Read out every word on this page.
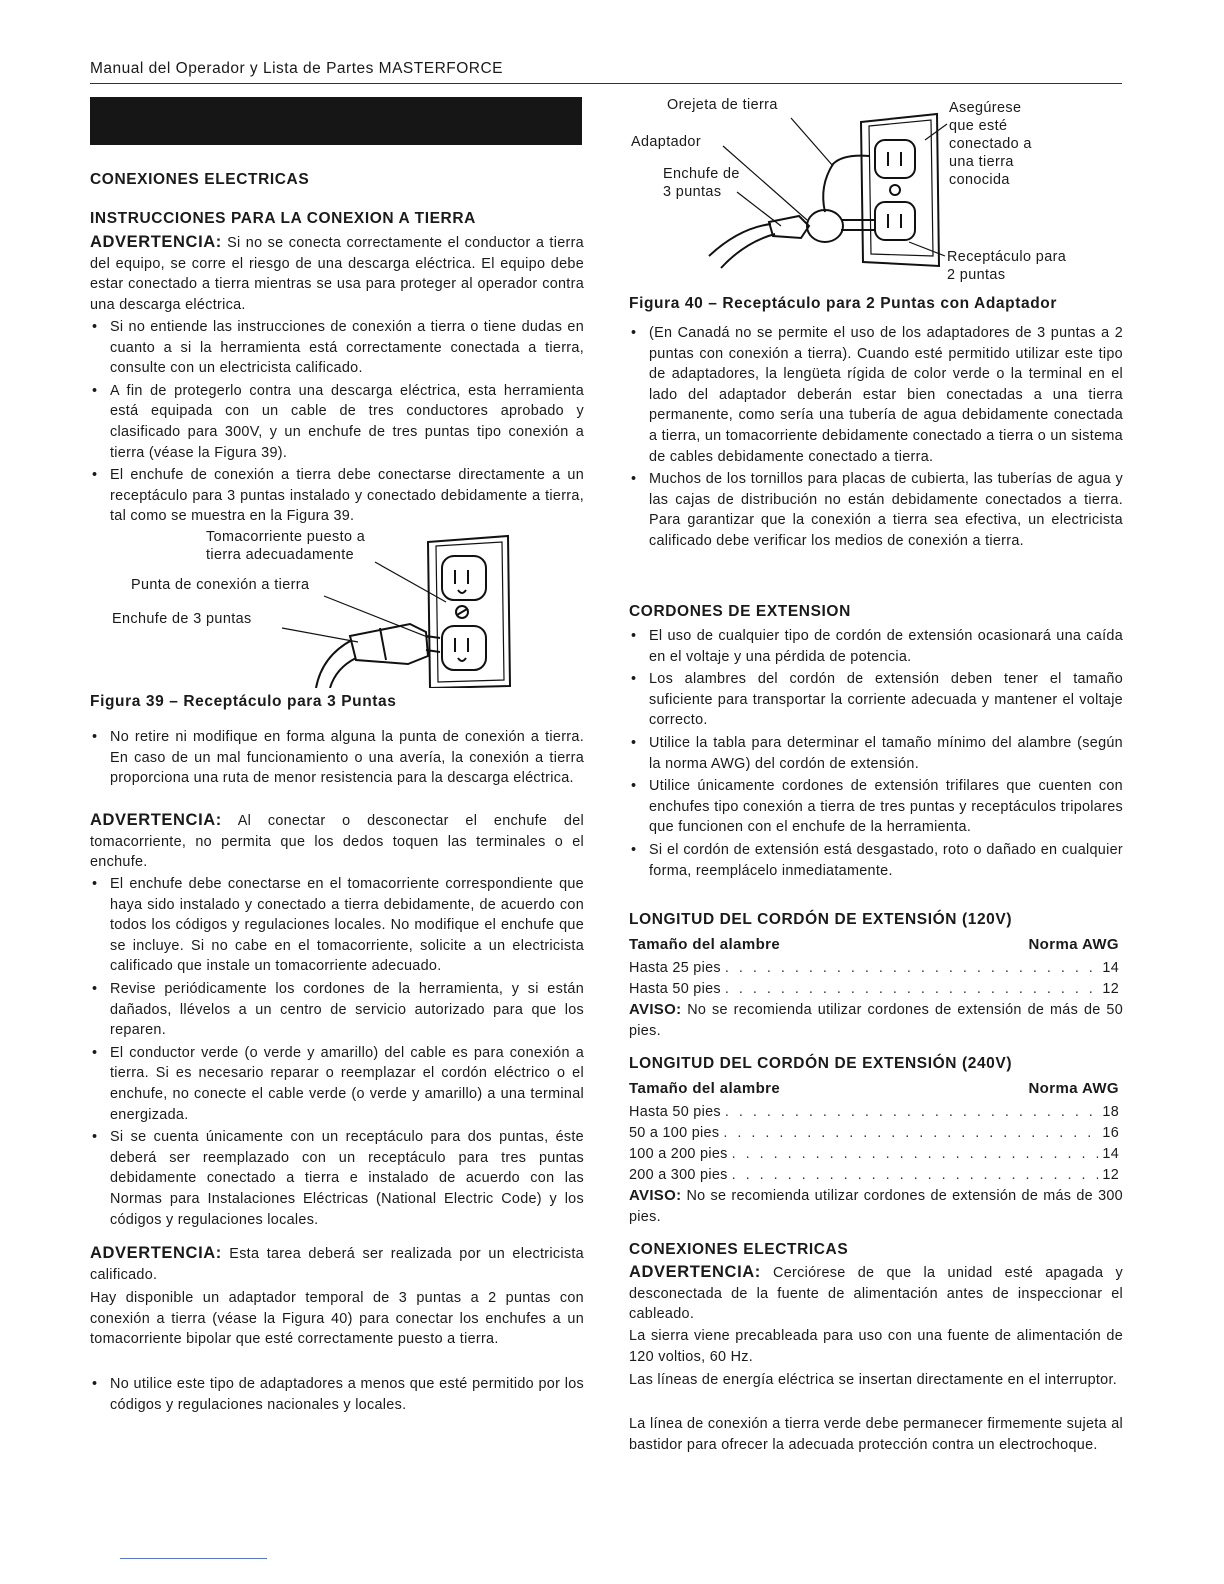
Manual del Operador y Lista de Partes MASTERFORCE
CONEXIONES ELECTRICAS
INSTRUCCIONES PARA LA CONEXION A TIERRA
ADVERTENCIA: Si no se conecta correctamente el conductor a tierra del equipo, se corre el riesgo de una descarga eléctrica. El equipo debe estar conectado a tierra mientras se usa para proteger al operador contra una descarga eléctrica.
• Si no entiende las instrucciones de conexión a tierra o tiene dudas en cuanto a si la herramienta está correctamente conectada a tierra, consulte con un electricista calificado.
• A fin de protegerlo contra una descarga eléctrica, esta herramienta está equipada con un cable de tres conductores aprobado y clasificado para 300V, y un enchufe de tres puntas tipo conexión a tierra (véase la Figura 39).
• El enchufe de conexión a tierra debe conectarse directamente a un receptáculo para 3 puntas instalado y conectado debidamente a tierra, tal como se muestra en la Figura 39.
Tomacorriente puesto a
tierra adecuadamente
Punta de conexión a tierra
Enchufe de 3 puntas
Figura 39 – Receptáculo para 3 Puntas
• No retire ni modifique en forma alguna la punta de conexión a tierra. En caso de un mal funcionamiento o una avería, la conexión a tierra proporciona una ruta de menor resistencia para la descarga eléctrica.
ADVERTENCIA: Al conectar o desconectar el enchufe del tomacorriente, no permita que los dedos toquen las terminales o el enchufe.
• El enchufe debe conectarse en el tomacorriente correspondiente que haya sido instalado y conectado a tierra debidamente, de acuerdo con todos los códigos y regulaciones locales. No modifique el enchufe que se incluye. Si no cabe en el tomacorriente, solicite a un electricista calificado que instale un tomacorriente adecuado.
• Revise periódicamente los cordones de la herramienta, y si están dañados, llévelos a un centro de servicio autorizado para que los reparen.
• El conductor verde (o verde y amarillo) del cable es para conexión a tierra. Si es necesario reparar o reemplazar el cordón eléctrico o el enchufe, no conecte el cable verde (o verde y amarillo) a una terminal energizada.
• Si se cuenta únicamente con un receptáculo para dos puntas, éste deberá ser reemplazado con un receptáculo para tres puntas debidamente conectado a tierra e instalado de acuerdo con las Normas para Instalaciones Eléctricas (National Electric Code) y los códigos y regulaciones locales.
ADVERTENCIA: Esta tarea deberá ser realizada por un electricista calificado.
Hay disponible un adaptador temporal de 3 puntas a 2 puntas con conexión a tierra (véase la Figura 40) para conectar los enchufes a un tomacorriente bipolar que esté correctamente puesto a tierra.
• No utilice este tipo de adaptadores a menos que esté permitido por los códigos y regulaciones nacionales y locales.
Orejeta de tierra
Adaptador
Enchufe de
3 puntas
Asegúrese
que esté
conectado a
una tierra
conocida
Receptáculo para
2 puntas
Figura 40 – Receptáculo para 2 Puntas con Adaptador
• (En Canadá no se permite el uso de los adaptadores de 3 puntas a 2 puntas con conexión a tierra). Cuando esté permitido utilizar este tipo de adaptadores, la lengüeta rígida de color verde o la terminal en el lado del adaptador deberán estar bien conectadas a una tierra permanente, como sería una tubería de agua debidamente conectada a tierra, un tomacorriente debidamente conectado a tierra o un sistema de cables debidamente conectado a tierra.
• Muchos de los tornillos para placas de cubierta, las tuberías de agua y las cajas de distribución no están debidamente conectados a tierra. Para garantizar que la conexión a tierra sea efectiva, un electricista calificado debe verificar los medios de conexión a tierra.
CORDONES DE EXTENSION
• El uso de cualquier tipo de cordón de extensión ocasionará una caída en el voltaje y una pérdida de potencia.
• Los alambres del cordón de extensión deben tener el tamaño suficiente para transportar la corriente adecuada y mantener el voltaje correcto.
• Utilice la tabla para determinar el tamaño mínimo del alambre (según la norma AWG) del cordón de extensión.
• Utilice únicamente cordones de extensión trifilares que cuenten con enchufes tipo conexión a tierra de tres puntas y receptáculos tripolares que funcionen con el enchufe de la herramienta.
• Si el cordón de extensión está desgastado, roto o dañado en cualquier forma, reemplácelo inmediatamente.
LONGITUD DEL CORDÓN DE EXTENSIÓN (120V)
Tamaño del alambre	Norma AWG
Hasta 25 pies . . .	14
Hasta 50 pies . . .	12
AVISO: No se recomienda utilizar cordones de extensión de más de 50 pies.
LONGITUD DEL CORDÓN DE EXTENSIÓN (240V)
Tamaño del alambre	Norma AWG
Hasta 50 pies . . .	18
50 a 100 pies . . .	16
100 a 200 pies . . .	14
200 a 300 pies . . .	12
AVISO: No se recomienda utilizar cordones de extensión de más de 300 pies.
CONEXIONES ELECTRICAS
ADVERTENCIA: Cerciórese de que la unidad esté apagada y desconectada de la fuente de alimentación antes de inspeccionar el cableado.
La sierra viene precableada para uso con una fuente de alimentación de 120 voltios, 60 Hz.
Las líneas de energía eléctrica se insertan directamente en el interruptor.
La línea de conexión a tierra verde debe permanecer firmemente sujeta al bastidor para ofrecer la adecuada protección contra un electrochoque.
